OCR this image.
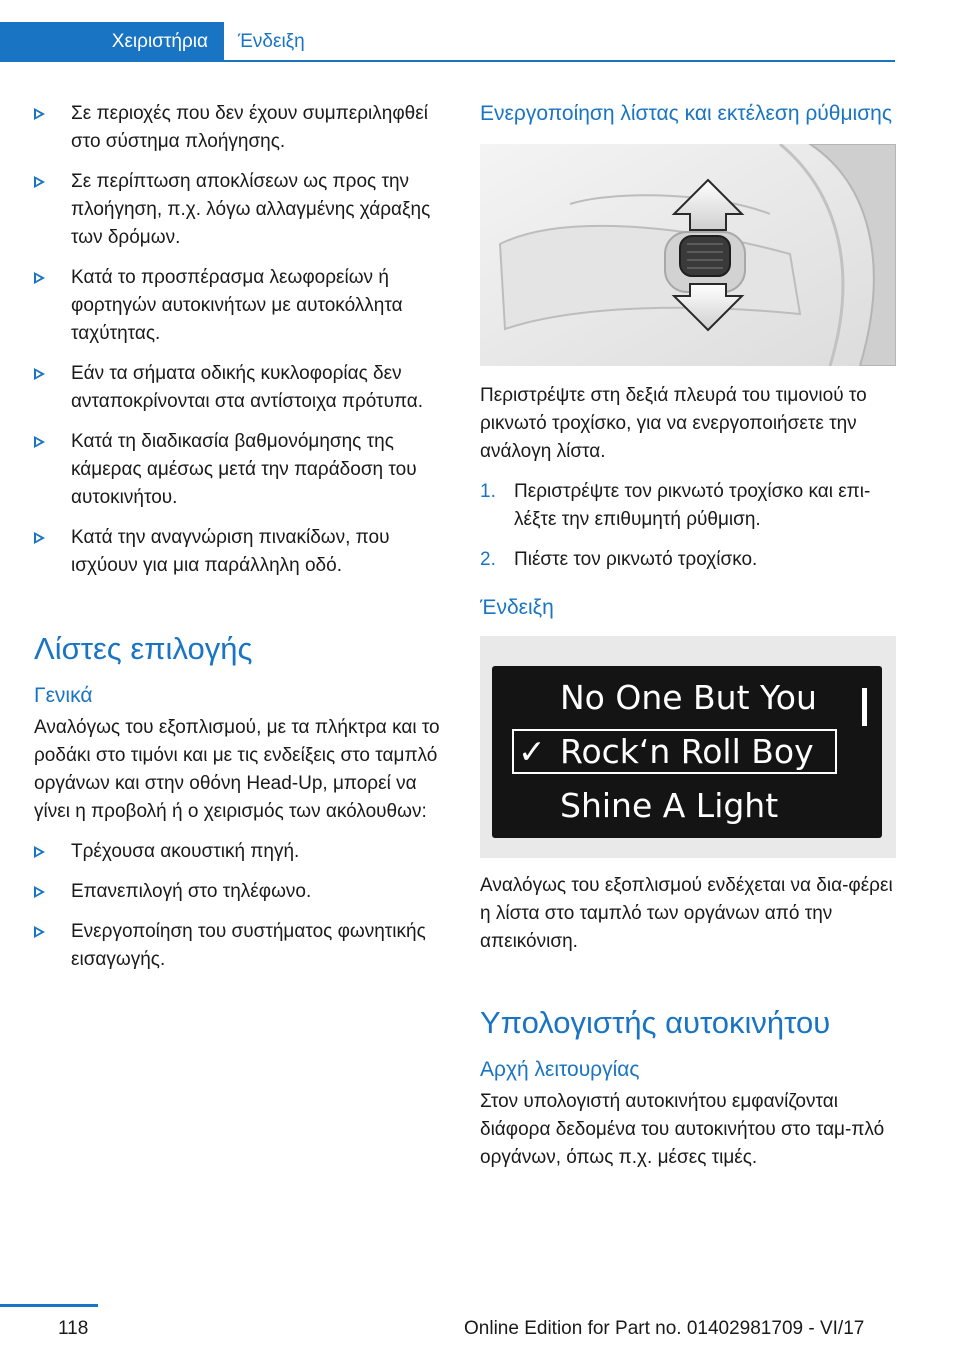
Χειριστήρια Ένδειξη
Σε περιοχές που δεν έχουν συμπεριληφθεί στο σύστημα πλοήγησης.
Σε περίπτωση αποκλίσεων ως προς την πλοήγηση, π.χ. λόγω αλλαγμένης χάραξης των δρόμων.
Κατά το προσπέρασμα λεωφορείων ή φορτηγών αυτοκινήτων με αυτοκόλλητα ταχύτητας.
Εάν τα σήματα οδικής κυκλοφορίας δεν ανταποκρίνονται στα αντίστοιχα πρότυπα.
Κατά τη διαδικασία βαθμονόμησης της κάμερας αμέσως μετά την παράδοση του αυτοκινήτου.
Κατά την αναγνώριση πινακίδων, που ισχύουν για μια παράλληλη οδό.
Λίστες επιλογής
Γενικά
Αναλόγως του εξοπλισμού, με τα πλήκτρα και το ροδάκι στο τιμόνι και με τις ενδείξεις στο ταμπλό οργάνων και στην οθόνη Head-Up, μπορεί να γίνει η προβολή ή ο χειρισμός των ακόλουθων:
Τρέχουσα ακουστική πηγή.
Επανεπιλογή στο τηλέφωνο.
Ενεργοποίηση του συστήματος φωνητικής εισαγωγής.
Ενεργοποίηση λίστας και εκτέλεση ρύθμισης
Περιστρέψτε στη δεξιά πλευρά του τιμονιού το ρικνωτό τροχίσκο, για να ενεργοποιήσετε την ανάλογη λίστα.
1. Περιστρέψτε τον ρικνωτό τροχίσκο και επι‐λέξτε την επιθυμητή ρύθμιση.
2. Πιέστε τον ρικνωτό τροχίσκο.
Ένδειξη
No One But You
✓ Rock‘n Roll Boy
Shine A Light
Αναλόγως του εξοπλισμού ενδέχεται να δια‐φέρει η λίστα στο ταμπλό των οργάνων από την απεικόνιση.
Υπολογιστής αυτοκινήτου
Αρχή λειτουργίας
Στον υπολογιστή αυτοκινήτου εμφανίζονται διάφορα δεδομένα του αυτοκινήτου στο ταμ‐πλό οργάνων, όπως π.χ. μέσες τιμές.
118	Online Edition for Part no. 01402981709 - VI/17
